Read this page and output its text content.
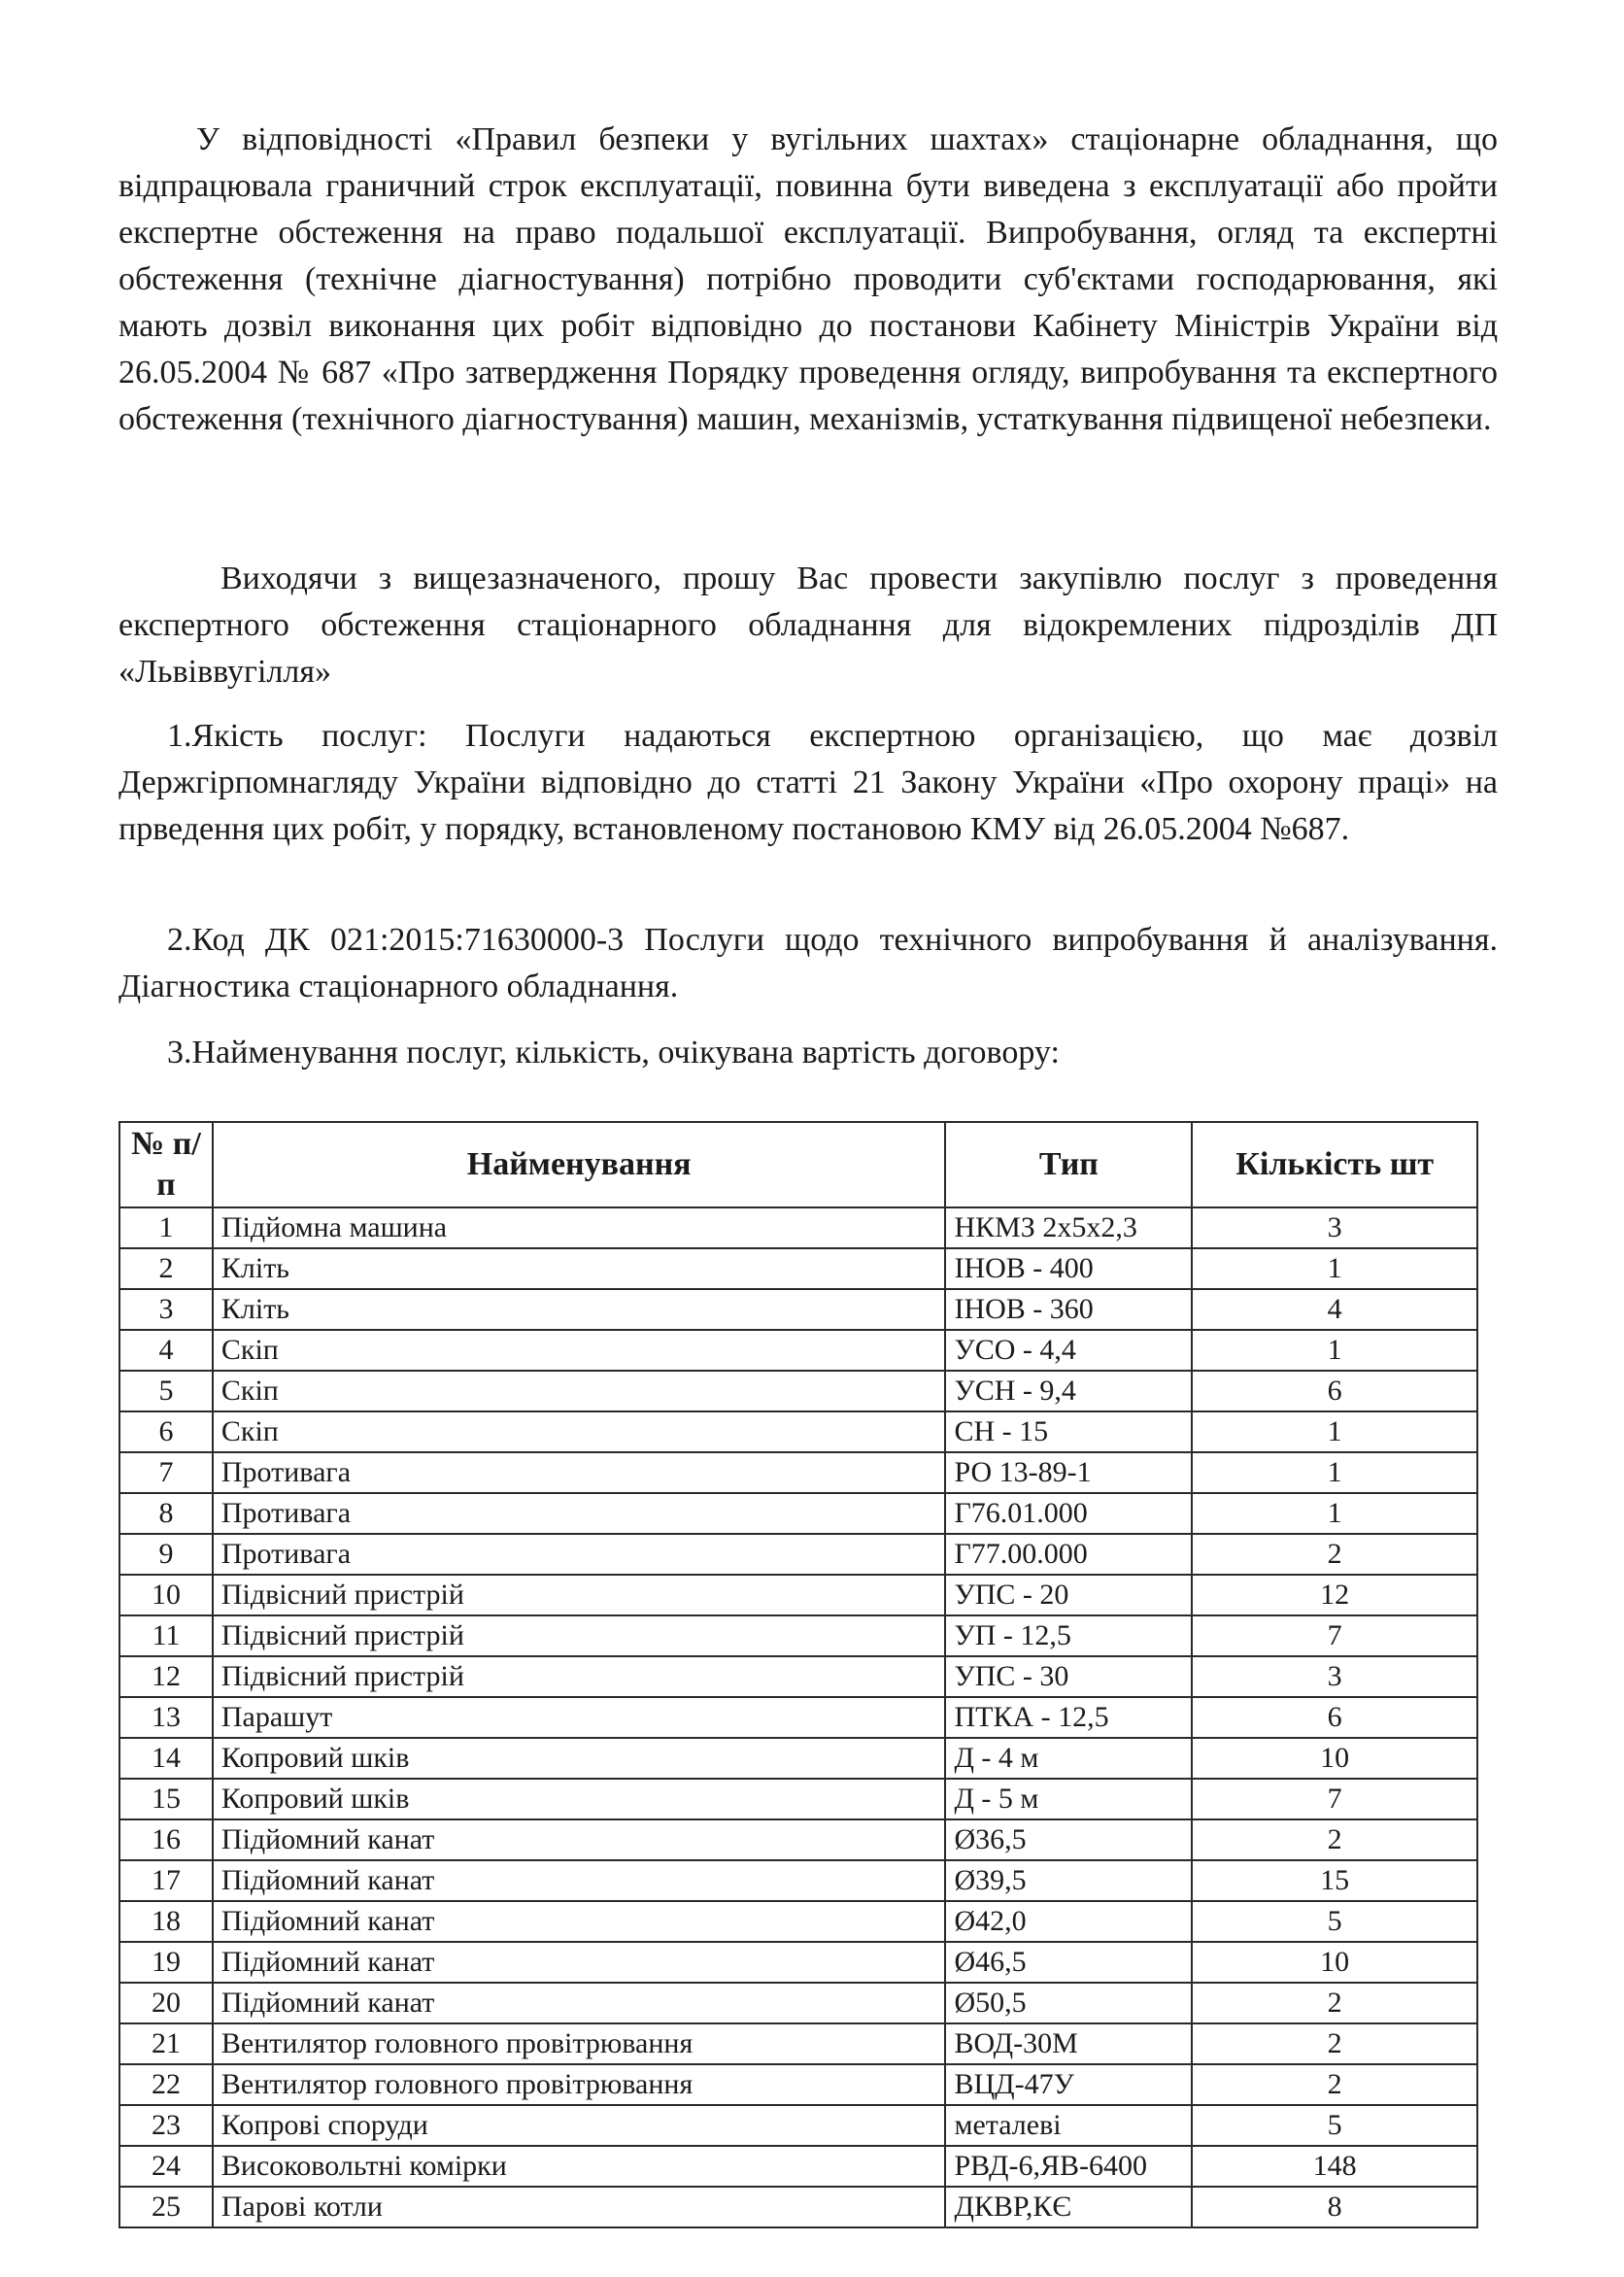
У відповідності «Правил безпеки у вугільних шахтах» стаціонарне обладнання, що відпрацювала граничний строк експлуатації, повинна бути виведена з експлуатації або пройти експертне обстеження на право подальшої експлуатації. Випробування, огляд та експертні обстеження (технічне діагностування) потрібно проводити суб'єктами господарювання, які мають дозвіл виконання цих робіт відповідно до постанови Кабінету Міністрів України від 26.05.2004 № 687 «Про затвердження Порядку проведення огляду, випробування та експертного обстеження (технічного діагностування) машин, механізмів, устаткування підвищеної небезпеки.

Виходячи з вищезазначеного, прошу Вас провести закупівлю послуг з проведення експертного обстеження стаціонарного обладнання для відокремлених підрозділів ДП «Львіввугілля»

1.Якість послуг: Послуги надаються експертною організацією, що має дозвіл Держгірпомнагляду України відповідно до статті 21 Закону України «Про охорону праці» на прведення цих робіт, у порядку, встановленому постановою КМУ від 26.05.2004 №687.

2.Код ДК 021:2015:71630000-3 Послуги щодо технічного випробування й аналізування. Діагностика стаціонарного обладнання.

3.Найменування послуг, кількість, очікувана вартість договору:

№ п/п	Найменування	Тип	Кількість шт
1	Підйомна машина	НКМЗ 2х5х2,3	3
2	Кліть	ІНОВ - 400	1
3	Кліть	ІНОВ - 360	4
4	Скіп	УСО - 4,4	1
5	Скіп	УСН - 9,4	6
6	Скіп	СН - 15	1
7	Противага	РО 13-89-1	1
8	Противага	Г76.01.000	1
9	Противага	Г77.00.000	2
10	Підвісний пристрій	УПС - 20	12
11	Підвісний пристрій	УП - 12,5	7
12	Підвісний пристрій	УПС - 30	3
13	Парашут	ПТКА - 12,5	6
14	Копровий шків	Д - 4 м	10
15	Копровий шків	Д - 5 м	7
16	Підйомний канат	Ø36,5	2
17	Підйомний канат	Ø39,5	15
18	Підйомний канат	Ø42,0	5
19	Підйомний канат	Ø46,5	10
20	Підйомний канат	Ø50,5	2
21	Вентилятор головного провітрювання	ВОД-30М	2
22	Вентилятор головного провітрювання	ВЦД-47У	2
23	Копрові споруди	металеві	5
24	Високовольтні комірки	РВД-6,ЯВ-6400	148
25	Парові котли	ДКВР,КЄ	8
